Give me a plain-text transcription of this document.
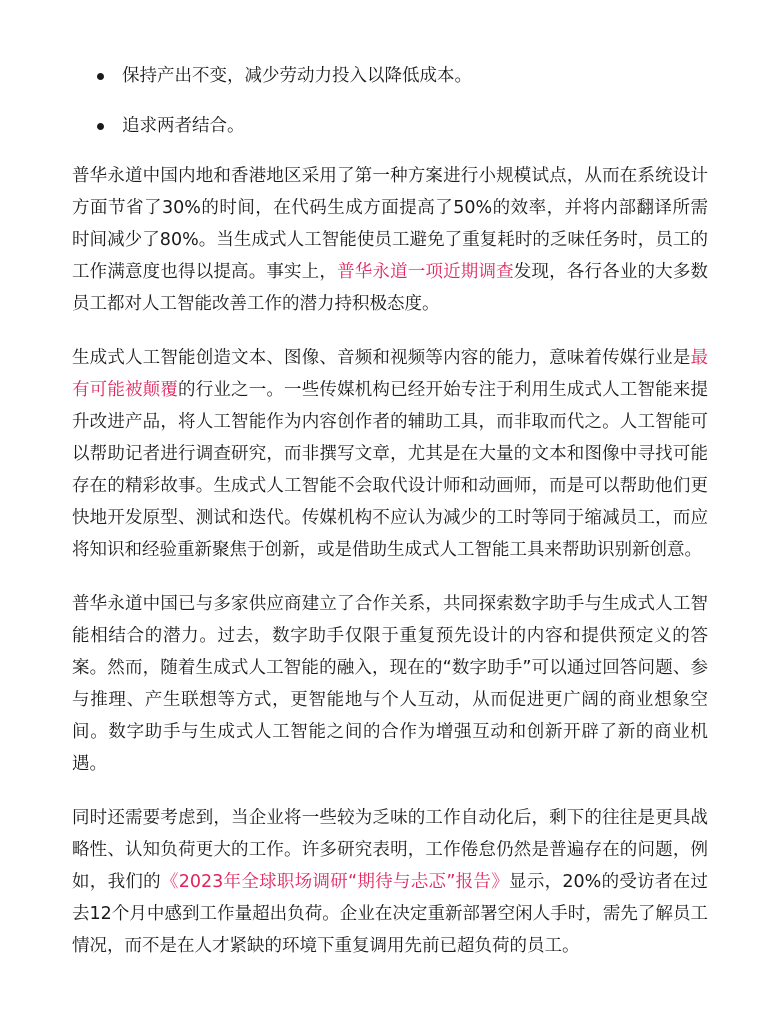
保持产出不变，减少劳动力投入以降低成本。
追求两者结合。

普华永道中国内地和香港地区采用了第一种方案进行小规模试点，从而在系统设计方面节省了30%的时间，在代码生成方面提高了50%的效率，并将内部翻译所需时间减少了80%。当生成式人工智能使员工避免了重复耗时的乏味任务时，员工的工作满意度也得以提高。事实上，普华永道一项近期调查发现，各行各业的大多数员工都对人工智能改善工作的潜力持积极态度。

生成式人工智能创造文本、图像、音频和视频等内容的能力，意味着传媒行业是最有可能被颠覆的行业之一。一些传媒机构已经开始专注于利用生成式人工智能来提升改进产品，将人工智能作为内容创作者的辅助工具，而非取而代之。人工智能可以帮助记者进行调查研究，而非撰写文章，尤其是在大量的文本和图像中寻找可能存在的精彩故事。生成式人工智能不会取代设计师和动画师，而是可以帮助他们更快地开发原型、测试和迭代。传媒机构不应认为减少的工时等同于缩减员工，而应将知识和经验重新聚焦于创新，或是借助生成式人工智能工具来帮助识别新创意。

普华永道中国已与多家供应商建立了合作关系，共同探索数字助手与生成式人工智能相结合的潜力。过去，数字助手仅限于重复预先设计的内容和提供预定义的答案。然而，随着生成式人工智能的融入，现在的“数字助手”可以通过回答问题、参与推理、产生联想等方式，更智能地与个人互动，从而促进更广阔的商业想象空间。数字助手与生成式人工智能之间的合作为增强互动和创新开辟了新的商业机遇。

同时还需要考虑到，当企业将一些较为乏味的工作自动化后，剩下的往往是更具战略性、认知负荷更大的工作。许多研究表明，工作倦怠仍然是普遍存在的问题，例如，我们的《2023年全球职场调研“期待与忐忑”报告》显示，20%的受访者在过去12个月中感到工作量超出负荷。企业在决定重新部署空闲人手时，需先了解员工情况，而不是在人才紧缺的环境下重复调用先前已超负荷的员工。
